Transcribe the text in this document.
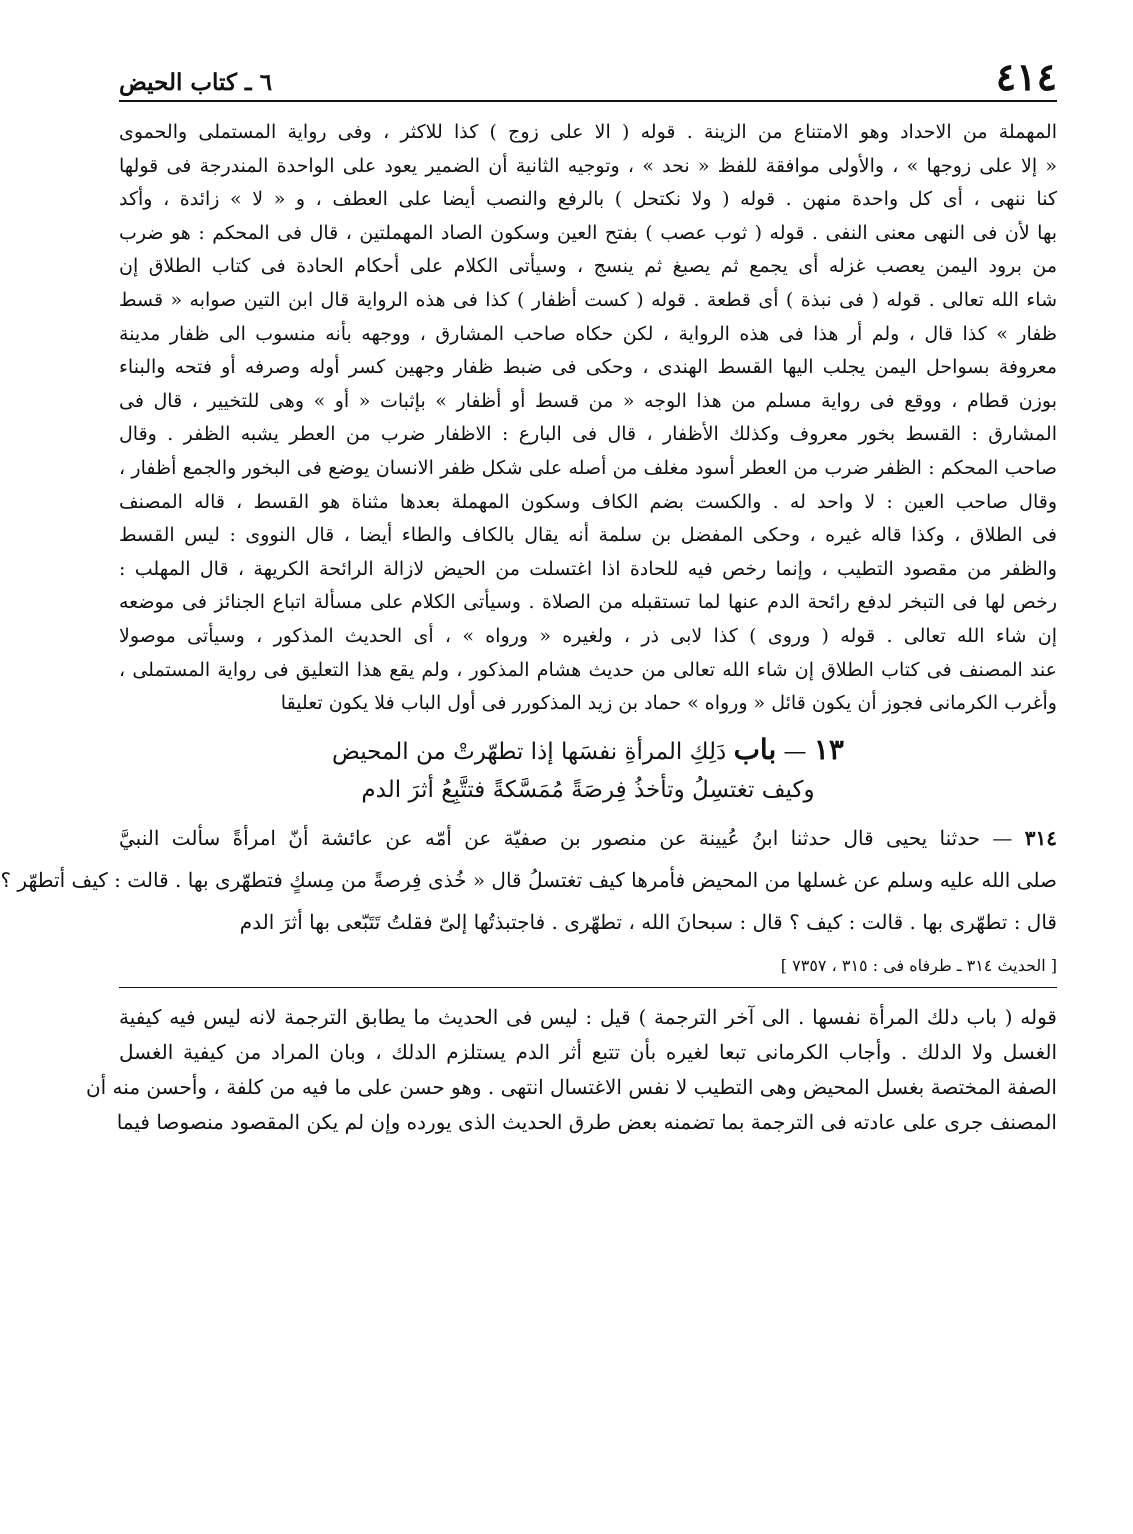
٤١٤
٦ ـ كتاب الحيض
المهملة من الاحداد وهو الامتناع من الزينة . قوله ( الا على زوج ) كذا للاكثر ، وفى رواية المستملى والحموى
« إلا على زوجها » ، والأولى موافقة للفظ « نحد » ، وتوجيه الثانية أن الضمير يعود على الواحدة المندرجة فى قولها
كنا ننهى ، أى كل واحدة منهن . قوله ( ولا نكتحل ) بالرفع والنصب أيضا على العطف ، و « لا » زائدة ، وأكد
بها لأن فى النهى معنى النفى . قوله ( ثوب عصب ) بفتح العين وسكون الصاد المهملتين ، قال فى المحكم : هو ضرب
من برود اليمن يعصب غزله أى يجمع ثم يصبغ ثم ينسج ، وسيأتى الكلام على أحكام الحادة فى كتاب الطلاق إن
شاء الله تعالى . قوله ( فى نبذة ) أى قطعة . قوله ( كست أظفار ) كذا فى هذه الرواية قال ابن التين صوابه « قسط
ظفار » كذا قال ، ولم أر هذا فى هذه الرواية ، لكن حكاه صاحب المشارق ، ووجهه بأنه منسوب الى ظفار مدينة
معروفة بسواحل اليمن يجلب اليها القسط الهندى ، وحكى فى ضبط ظفار وجهين كسر أوله وصرفه أو فتحه والبناء
بوزن قطام ، ووقع فى رواية مسلم من هذا الوجه « من قسط أو أظفار » بإثبات « أو » وهى للتخيير ، قال فى
المشارق : القسط بخور معروف وكذلك الأظفار ، قال فى البارع : الاظفار ضرب من العطر يشبه الظفر . وقال
صاحب المحكم : الظفر ضرب من العطر أسود مغلف من أصله على شكل ظفر الانسان يوضع فى البخور والجمع أظفار ،
وقال صاحب العين : لا واحد له . والكست بضم الكاف وسكون المهملة بعدها مثناة هو القسط ، قاله المصنف
فى الطلاق ، وكذا قاله غيره ، وحكى المفضل بن سلمة أنه يقال بالكاف والطاء أيضا ، قال النووى : ليس القسط
والظفر من مقصود التطيب ، وإنما رخص فيه للحادة اذا اغتسلت من الحيض لازالة الرائحة الكريهة ، قال المهلب :
رخص لها فى التبخر لدفع رائحة الدم عنها لما تستقبله من الصلاة . وسيأتى الكلام على مسألة اتباع الجنائز فى موضعه
إن شاء الله تعالى . قوله ( وروى ) كذا لابى ذر ، ولغيره « ورواه » ، أى الحديث المذكور ، وسيأتى موصولا
عند المصنف فى كتاب الطلاق إن شاء الله تعالى من حديث هشام المذكور ، ولم يقع هذا التعليق فى رواية المستملى ،
وأغرب الكرمانى فجوز أن يكون قائل « ورواه » حماد بن زيد المذكورر فى أول الباب فلا يكون تعليقا
١٣ — باب دَلِكِ المرأةِ نفسَها إذا تطهّرتْ من المحيض
وكيف تغتسِلُ وتأخذُ فِرصَةً مُمَسَّكةً فتتَّبِعُ أثرَ الدم
٣١٤ — حدثنا يحيى قال حدثنا ابنُ عُيينة عن منصور بن صفيّة عن أمّه عن عائشة أنّ امرأةً سألت النبيَّ
صلى الله عليه وسلم عن غسلها من المحيض فأمرها كيف تغتسلُ قال « خُذى فِرصةً من مِسكٍ فتطهّرى بها . قالت : كيف أتطهّر ؟
قال : تطهّرى بها . قالت : كيف ؟ قال : سبحانَ الله ، تطهّرى . فاجتبذتُها إلىّ فقلتُ تَتَبّعى بها أثرَ الدم
[ الحديث ٣١٤ ـ طرفاه فى : ٣١٥ ، ٧٣٥٧ ]
قوله ( باب دلك المرأة نفسها . الى آخر الترجمة ) قيل : ليس فى الحديث ما يطابق الترجمة لانه ليس فيه كيفية
الغسل ولا الدلك . وأجاب الكرمانى تبعا لغيره بأن تتبع أثر الدم يستلزم الدلك ، وبان المراد من كيفية الغسل
الصفة المختصة بغسل المحيض وهى التطيب لا نفس الاغتسال انتهى . وهو حسن على ما فيه من كلفة ، وأحسن منه أن
المصنف جرى على عادته فى الترجمة بما تضمنه بعض طرق الحديث الذى يورده وإن لم يكن المقصود منصوصا فيما
